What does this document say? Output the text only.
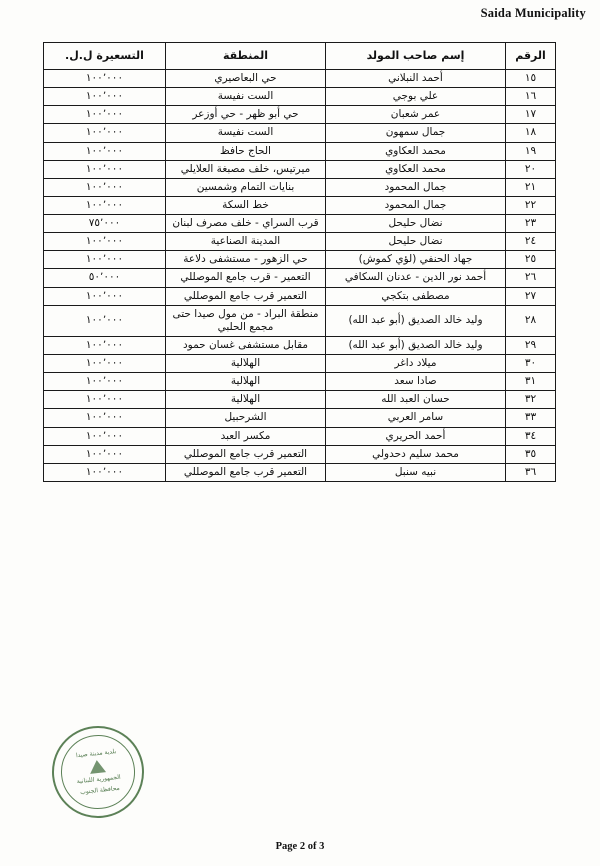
Saida Municipality
الرقم	إسم صاحب المولد	المنطقة	التسعيرة ل.ل.
١٥	أحمد النبلاني	حي البعاصيري	١٠٠٬٠٠٠
١٦	علي بوجي	الست نفيسة	١٠٠٬٠٠٠
١٧	عمر شعبان	حي أبو ظهر - حي أوزعر	١٠٠٬٠٠٠
١٨	جمال سمهون	الست نفيسة	١٠٠٬٠٠٠
١٩	محمد العكاوي	الحاج حافظ	١٠٠٬٠٠٠
٢٠	محمد العكاوي	ميرتيس، خلف مصبغة العلايلي	١٠٠٬٠٠٠
٢١	جمال المحمود	بنايات التمام وشمسين	١٠٠٬٠٠٠
٢٢	جمال المحمود	خط السكة	١٠٠٬٠٠٠
٢٣	نضال حليحل	قرب السراي - خلف مصرف لبنان	٧٥٬٠٠٠
٢٤	نضال حليحل	المدينة الصناعية	١٠٠٬٠٠٠
٢٥	جهاد الحنفي (لؤي كموش)	حي الزهور - مستشفى دلاعة	١٠٠٬٠٠٠
٢٦	أحمد نور الدين - عدنان السكافي	التعمير - قرب جامع الموصللي	٥٠٬٠٠٠
٢٧	مصطفى بتكجي	التعمير قرب جامع الموصللي	١٠٠٬٠٠٠
٢٨	وليد خالد الصديق (أبو عبد الله)	منطقة البراد - من مول صيدا حتى مجمع الحلبي	١٠٠٬٠٠٠
٢٩	وليد خالد الصديق (أبو عبد الله)	مقابل مستشفى غسان حمود	١٠٠٬٠٠٠
٣٠	ميلاد داغر	الهلالية	١٠٠٬٠٠٠
٣١	صادا سعد	الهلالية	١٠٠٬٠٠٠
٣٢	حسان العبد الله	الهلالية	١٠٠٬٠٠٠
٣٣	سامر العربي	الشرحبيل	١٠٠٬٠٠٠
٣٤	أحمد الحريري	مكسر العبد	١٠٠٬٠٠٠
٣٥	محمد سليم دحدولي	التعمير قرب جامع الموصللي	١٠٠٬٠٠٠
٣٦	نبيه سنبل	التعمير قرب جامع الموصللي	١٠٠٬٠٠٠
بلدية مدينة صيدا
الجمهورية اللبنانية
محافظة الجنوب
Page 2 of 3
